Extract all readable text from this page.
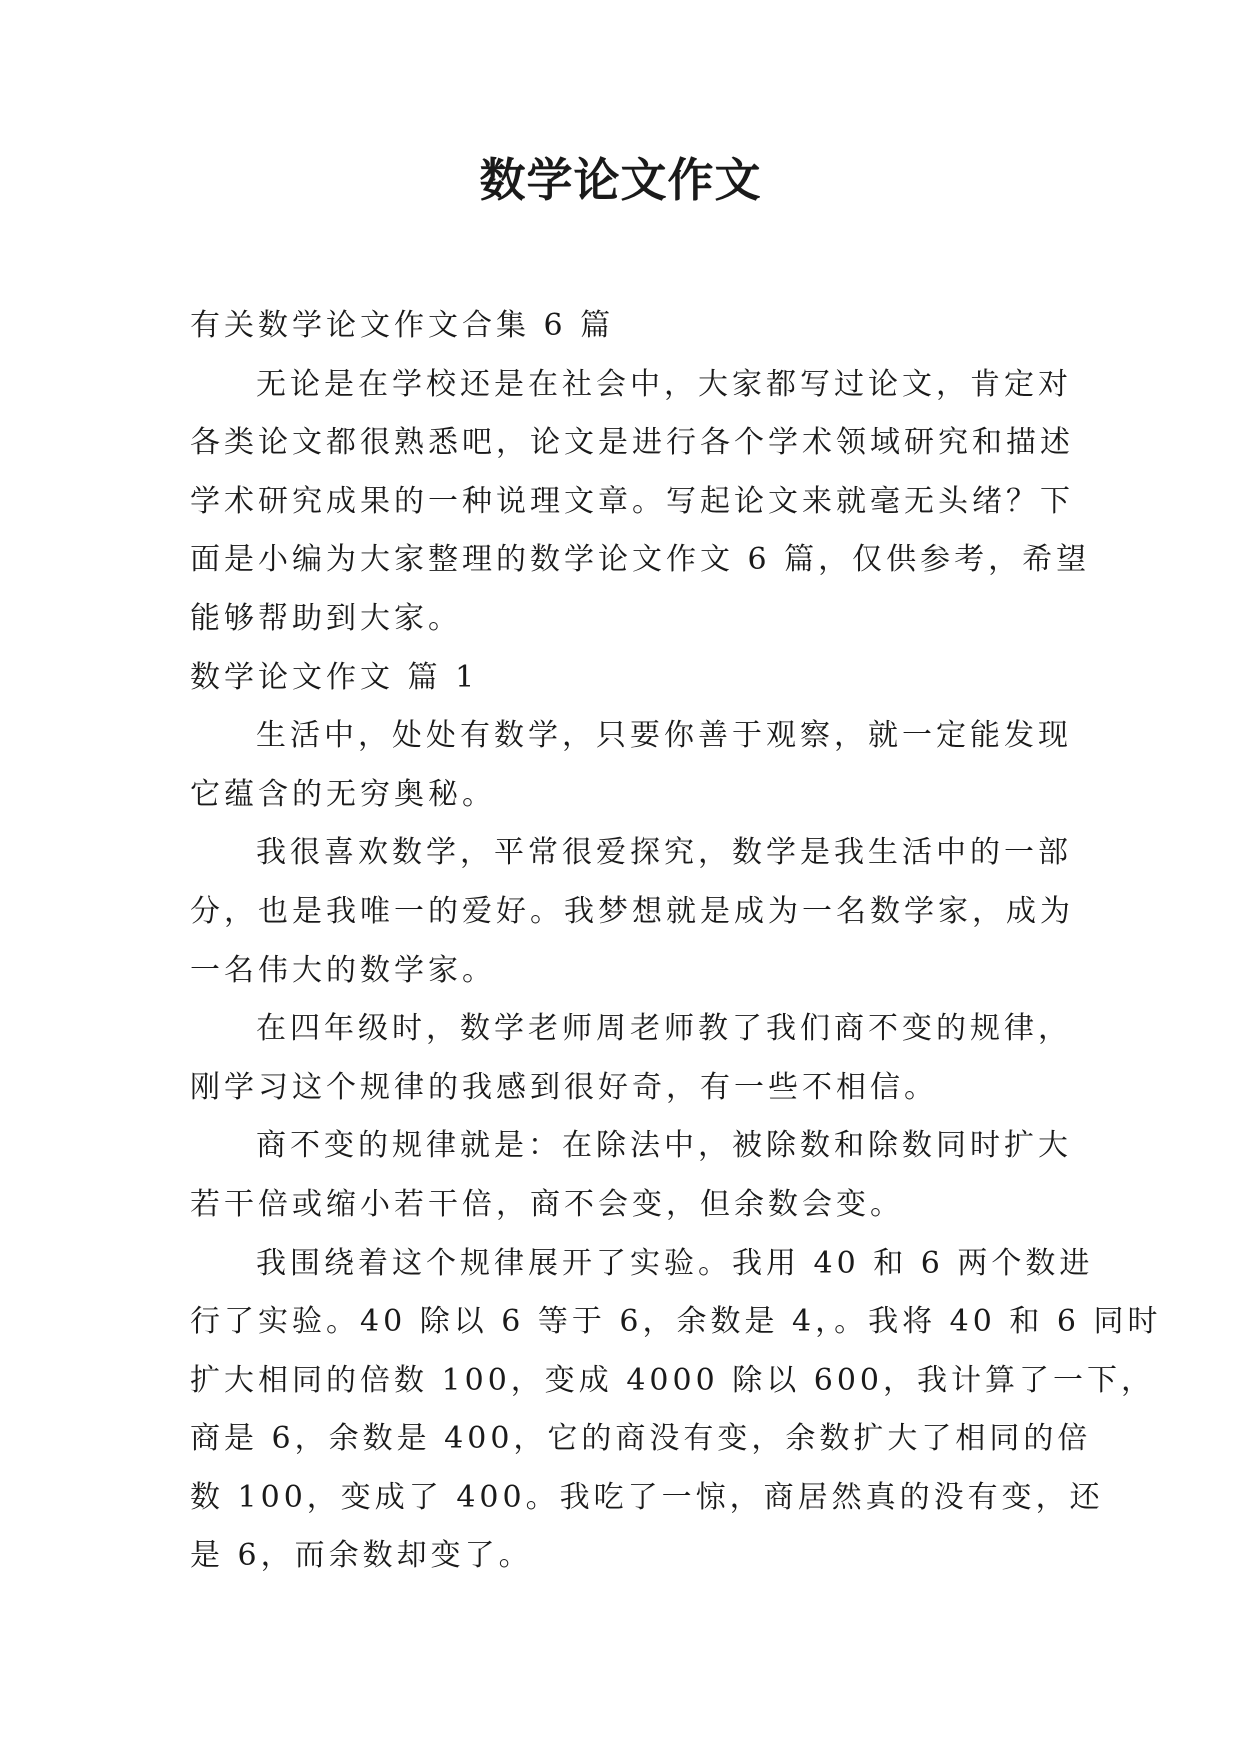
数学论文作文
有关数学论文作文合集 6 篇
无论是在学校还是在社会中，大家都写过论文，肯定对
各类论文都很熟悉吧，论文是进行各个学术领域研究和描述
学术研究成果的一种说理文章。写起论文来就毫无头绪？下
面是小编为大家整理的数学论文作文 6 篇，仅供参考，希望
能够帮助到大家。
数学论文作文 篇 1
生活中，处处有数学，只要你善于观察，就一定能发现
它蕴含的无穷奥秘。
我很喜欢数学，平常很爱探究，数学是我生活中的一部
分，也是我唯一的爱好。我梦想就是成为一名数学家，成为
一名伟大的数学家。
在四年级时，数学老师周老师教了我们商不变的规律，
刚学习这个规律的我感到很好奇，有一些不相信。
商不变的规律就是：在除法中，被除数和除数同时扩大
若干倍或缩小若干倍，商不会变，但余数会变。
我围绕着这个规律展开了实验。我用 40 和 6 两个数进
行了实验。40 除以 6 等于 6，余数是 4，。我将 40 和 6 同时
扩大相同的倍数 100，变成 4000 除以 600，我计算了一下，
商是 6，余数是 400，它的商没有变，余数扩大了相同的倍
数 100，变成了 400。我吃了一惊，商居然真的没有变，还
是 6，而余数却变了。
